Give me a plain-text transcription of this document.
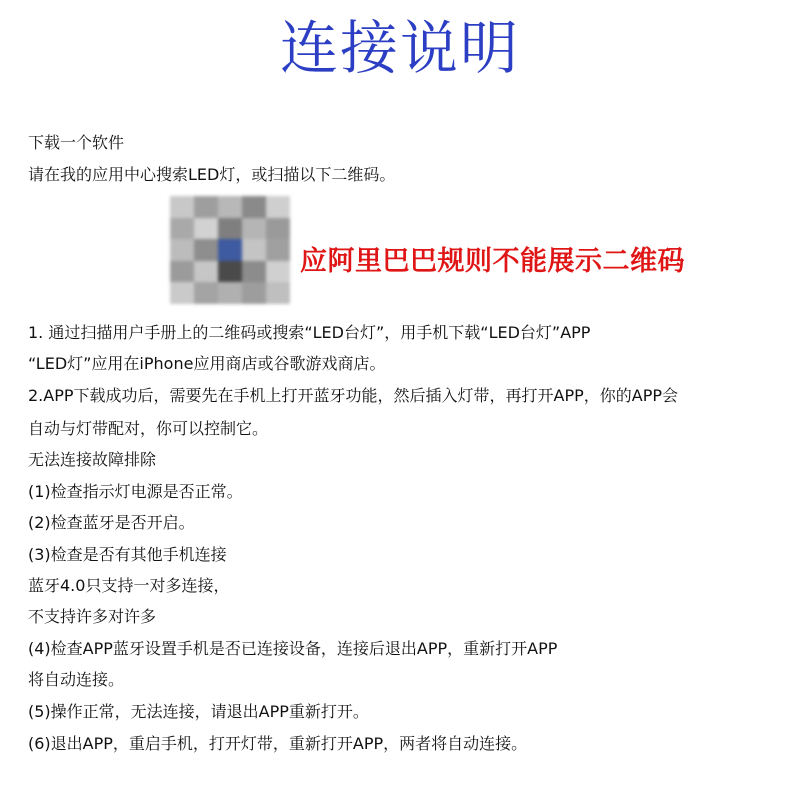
连接说明
下载一个软件
请在我的应用中心搜索LED灯，或扫描以下二维码。
应阿里巴巴规则不能展示二维码
1. 通过扫描用户手册上的二维码或搜索“LED台灯”，用手机下载“LED台灯”APP
“LED灯”应用在iPhone应用商店或谷歌游戏商店。
2.APP下载成功后，需要先在手机上打开蓝牙功能，然后插入灯带，再打开APP，你的APP会
自动与灯带配对，你可以控制它。
无法连接故障排除
(1)检查指示灯电源是否正常。
(2)检查蓝牙是否开启。
(3)检查是否有其他手机连接
蓝牙4.0只支持一对多连接，
不支持许多对许多
(4)检查APP蓝牙设置手机是否已连接设备，连接后退出APP，重新打开APP
将自动连接。
(5)操作正常，无法连接，请退出APP重新打开。
(6)退出APP，重启手机，打开灯带，重新打开APP，两者将自动连接。
